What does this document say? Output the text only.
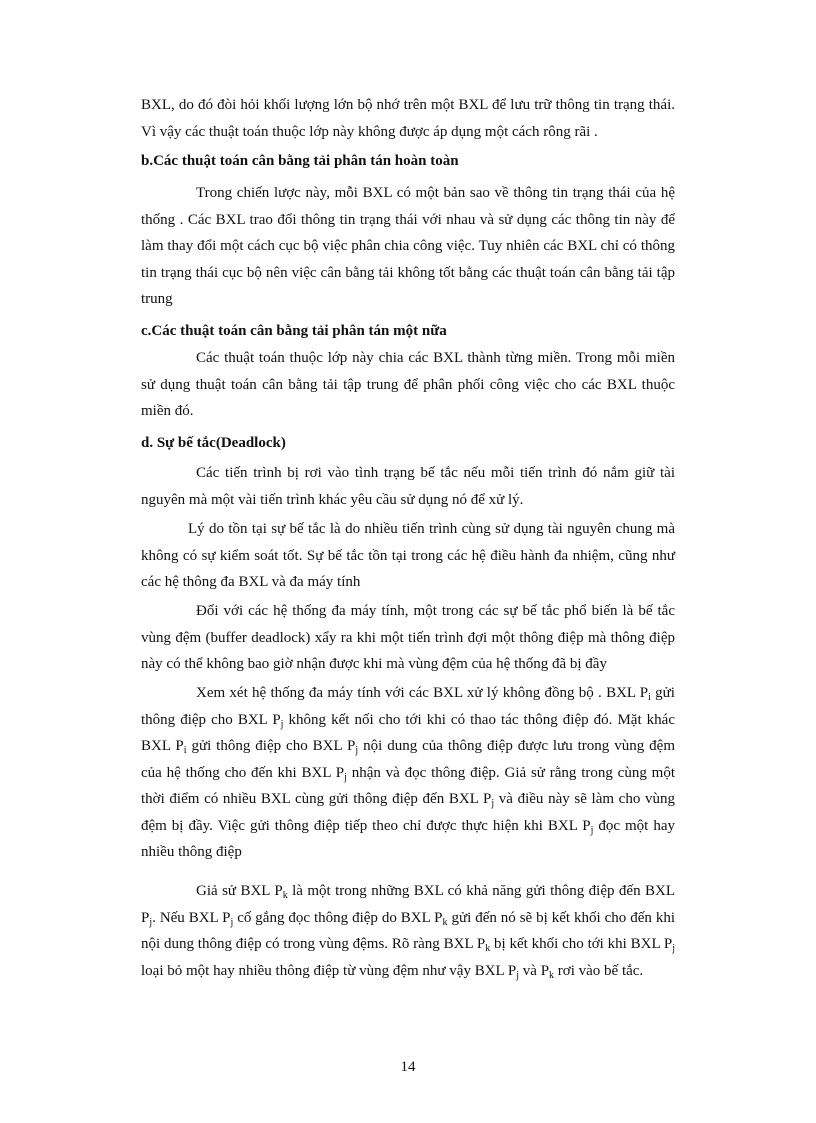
BXL, do đó đòi hỏi khối lượng lớn bộ nhớ trên một BXL để lưu trữ thông tin trạng thái. Vì vậy các thuật toán thuộc lớp này không được áp dụng một cách rông rãi .

b.Các thuật toán cân bằng tải phân tán hoàn toàn

Trong chiến lược này, mỗi BXL có một bản sao về thông tin trạng thái của hệ thống . Các BXL trao đổi thông tin trạng thái với nhau và sử dụng các thông tin này để làm thay đổi một cách cục bộ việc phân chia công việc. Tuy nhiên các BXL chỉ có thông tin trạng thái cục bộ nên việc cân bằng tải không tốt bằng các thuật toán cân bằng tải tập trung

c.Các thuật toán cân bằng tải phân tán một nữa

Các thuật toán thuộc lớp này chia các BXL thành từng miền. Trong mỗi miền sử dụng thuật toán cân bằng tải tập trung để phân phối công việc cho các BXL thuộc miền đó.

d. Sự bế tắc(Deadlock)

Các tiến trình bị rơi vào tình trạng bế tắc nếu mỗi tiến trình đó nắm giữ tài nguyên mà một vài tiến trình khác yêu cầu sử dụng nó để xử lý.

Lý do tồn tại sự bế tắc là do nhiều tiến trình cùng sử dụng tài nguyên chung mà không có sự kiểm soát tốt. Sự bế tắc tồn tại trong các hệ điều hành đa nhiệm, cũng như các hệ thông đa BXL và đa máy tính

Đối với các hệ thống đa máy tính, một trong các sự bế tắc phổ biến là bế tắc vùng đệm (buffer deadlock) xẩy ra khi một tiến trình đợi một thông điệp mà thông điệp này có thể không bao giờ nhận được khi mà vùng đệm của hệ thống đã bị đầy

Xem xét hệ thống đa máy tính với các BXL xử lý không đồng bộ . BXL $P_i$ gửi thông điệp cho BXL $P_j$ không kết nối cho tới khi có thao tác thông điệp đó. Mặt khác BXL $P_i$ gửi thông điệp cho BXL $P_j$ nội dung của thông điệp được lưu trong vùng đệm của hệ thống cho đến khi BXL $P_j$ nhận và đọc thông điệp. Giả sử rằng trong cùng một thời điểm có nhiều BXL cùng gửi thông điệp đến BXL $P_j$ và điều này sẽ làm cho vùng đệm bị đầy. Việc gửi thông điệp tiếp theo chỉ được thực hiện khi BXL $P_j$ đọc một hay nhiều thông điệp

Giả sử BXL $P_k$ là một trong những BXL có khả năng gửi thông điệp đến BXL $P_j$. Nếu BXL $P_j$ cố gắng đọc thông điệp do BXL $P_k$ gửi đến nó sẽ bị kết khối cho đến khi nội dung thông điệp có trong vùng đệms. Rõ ràng BXL $P_k$ bị kết khối cho tới khi BXL $P_j$ loại bỏ một hay nhiều thông điệp từ vùng đệm như vậy BXL $P_j$ và $P_k$ rơi vào bế tắc.

14
